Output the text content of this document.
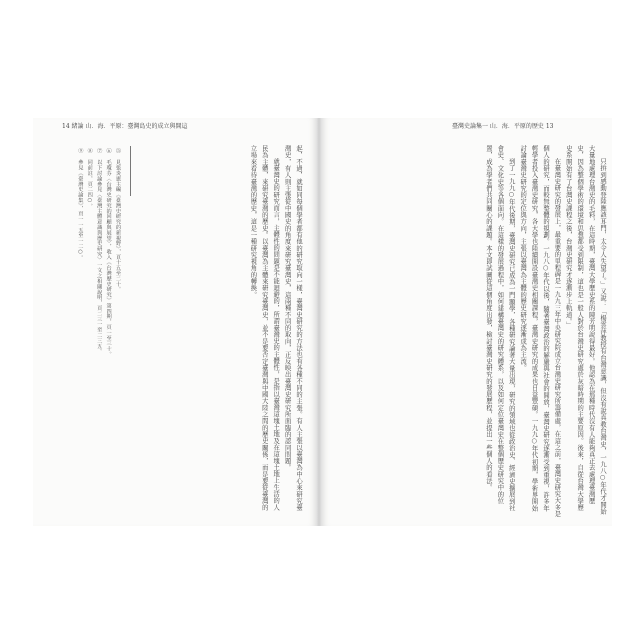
14 緒論 山．海．平原：臺灣島史的成立與開這	臺灣史論集一 山．海．平原的歷史 13

只拚到感動登陸應該耳門，太令人失望了。」又說：「楊雲萍教授有台灣意識，但沒有說真教台灣史，一九八○年代才開始大量地處理台灣史的毛料，在這時期，臺灣大學歷史系的陳芳明說得最好。他認為在那種時代沒有人能夠真正去處理臺灣歷史，因為整個學術的環境和思想都受到限制，這也是一般人對於台灣史研究處於灰暗時期的主要原因。後來，自從台灣大學歷史系開始有了台灣史課程之後，台灣史研究才逐漸步上軌道。」

在臺灣史研究的發展上，最重要的里程碑是一九九三年中央研究院成立台灣史研究所籌備處，在這之前，臺灣史研究大多是個人的研究，而較無整體的規劃。一九八○年代以後，隨著臺灣政治的解嚴與社會的開放，臺灣史研究逐漸受到重視，許多年輕學者投入臺灣史研究，各大學也陸續開設臺灣史相關課程，臺灣史研究的成果也日益豐碩。一九九○年代初期，學術界開始討論臺灣史研究的定位與方向，主張以臺灣為主體的歷史研究逐漸成為主流。

到了一九九○年代後期，臺灣史研究已成為一門顯學，各種研究論著大量出現，研究的領域也從政治史、經濟史擴展到社會史、文化史等各個面向。在這樣的發展過程中，如何建構臺灣史的研究體系，以及如何定位臺灣史在整個歷史研究中的位置，成為學者們共同關心的課題。本文即試圖從這個角度出發，檢討臺灣史研究的發展歷程，並提出一些個人的看法。

起，不過，就如同每個學者都有他的研究取向一樣，臺灣史研究的方法也有各種不同的主張。有人主張以臺灣為中心來研究臺灣史，有人則主張從中國史的角度來研究臺灣史，這兩種不同的取向，正反映出臺灣史研究所面臨的認同問題。

就臺灣史的研究而言，主體性的問題是不能迴避的，所謂臺灣史的主體性，是指以臺灣這塊土地及在這塊土地上生活的人民為主體，來研究臺灣的歷史。以臺灣為主體來研究臺灣史，並不是要否定臺灣與中國大陸之間的歷史關係，而是要從臺灣的立場來看待臺灣的歷史，這是一種研究視角的轉換。

⑤ 見張炎憲主編《臺灣史研究的新視野》，頁十五至二十。

⑥ 毛瓊芬〈台灣史研究的回顧與展望〉，收入《台灣歷史研究》第四期，頁一至三十。

⑦ 以下討論參見〈臺灣主體意識與歷史研究〉一文之相關說明，頁二三一至二三五。

⑧ 同前註，頁二四○。

⑨ 參見《臺灣史論集》，頁一一五至一二○。
